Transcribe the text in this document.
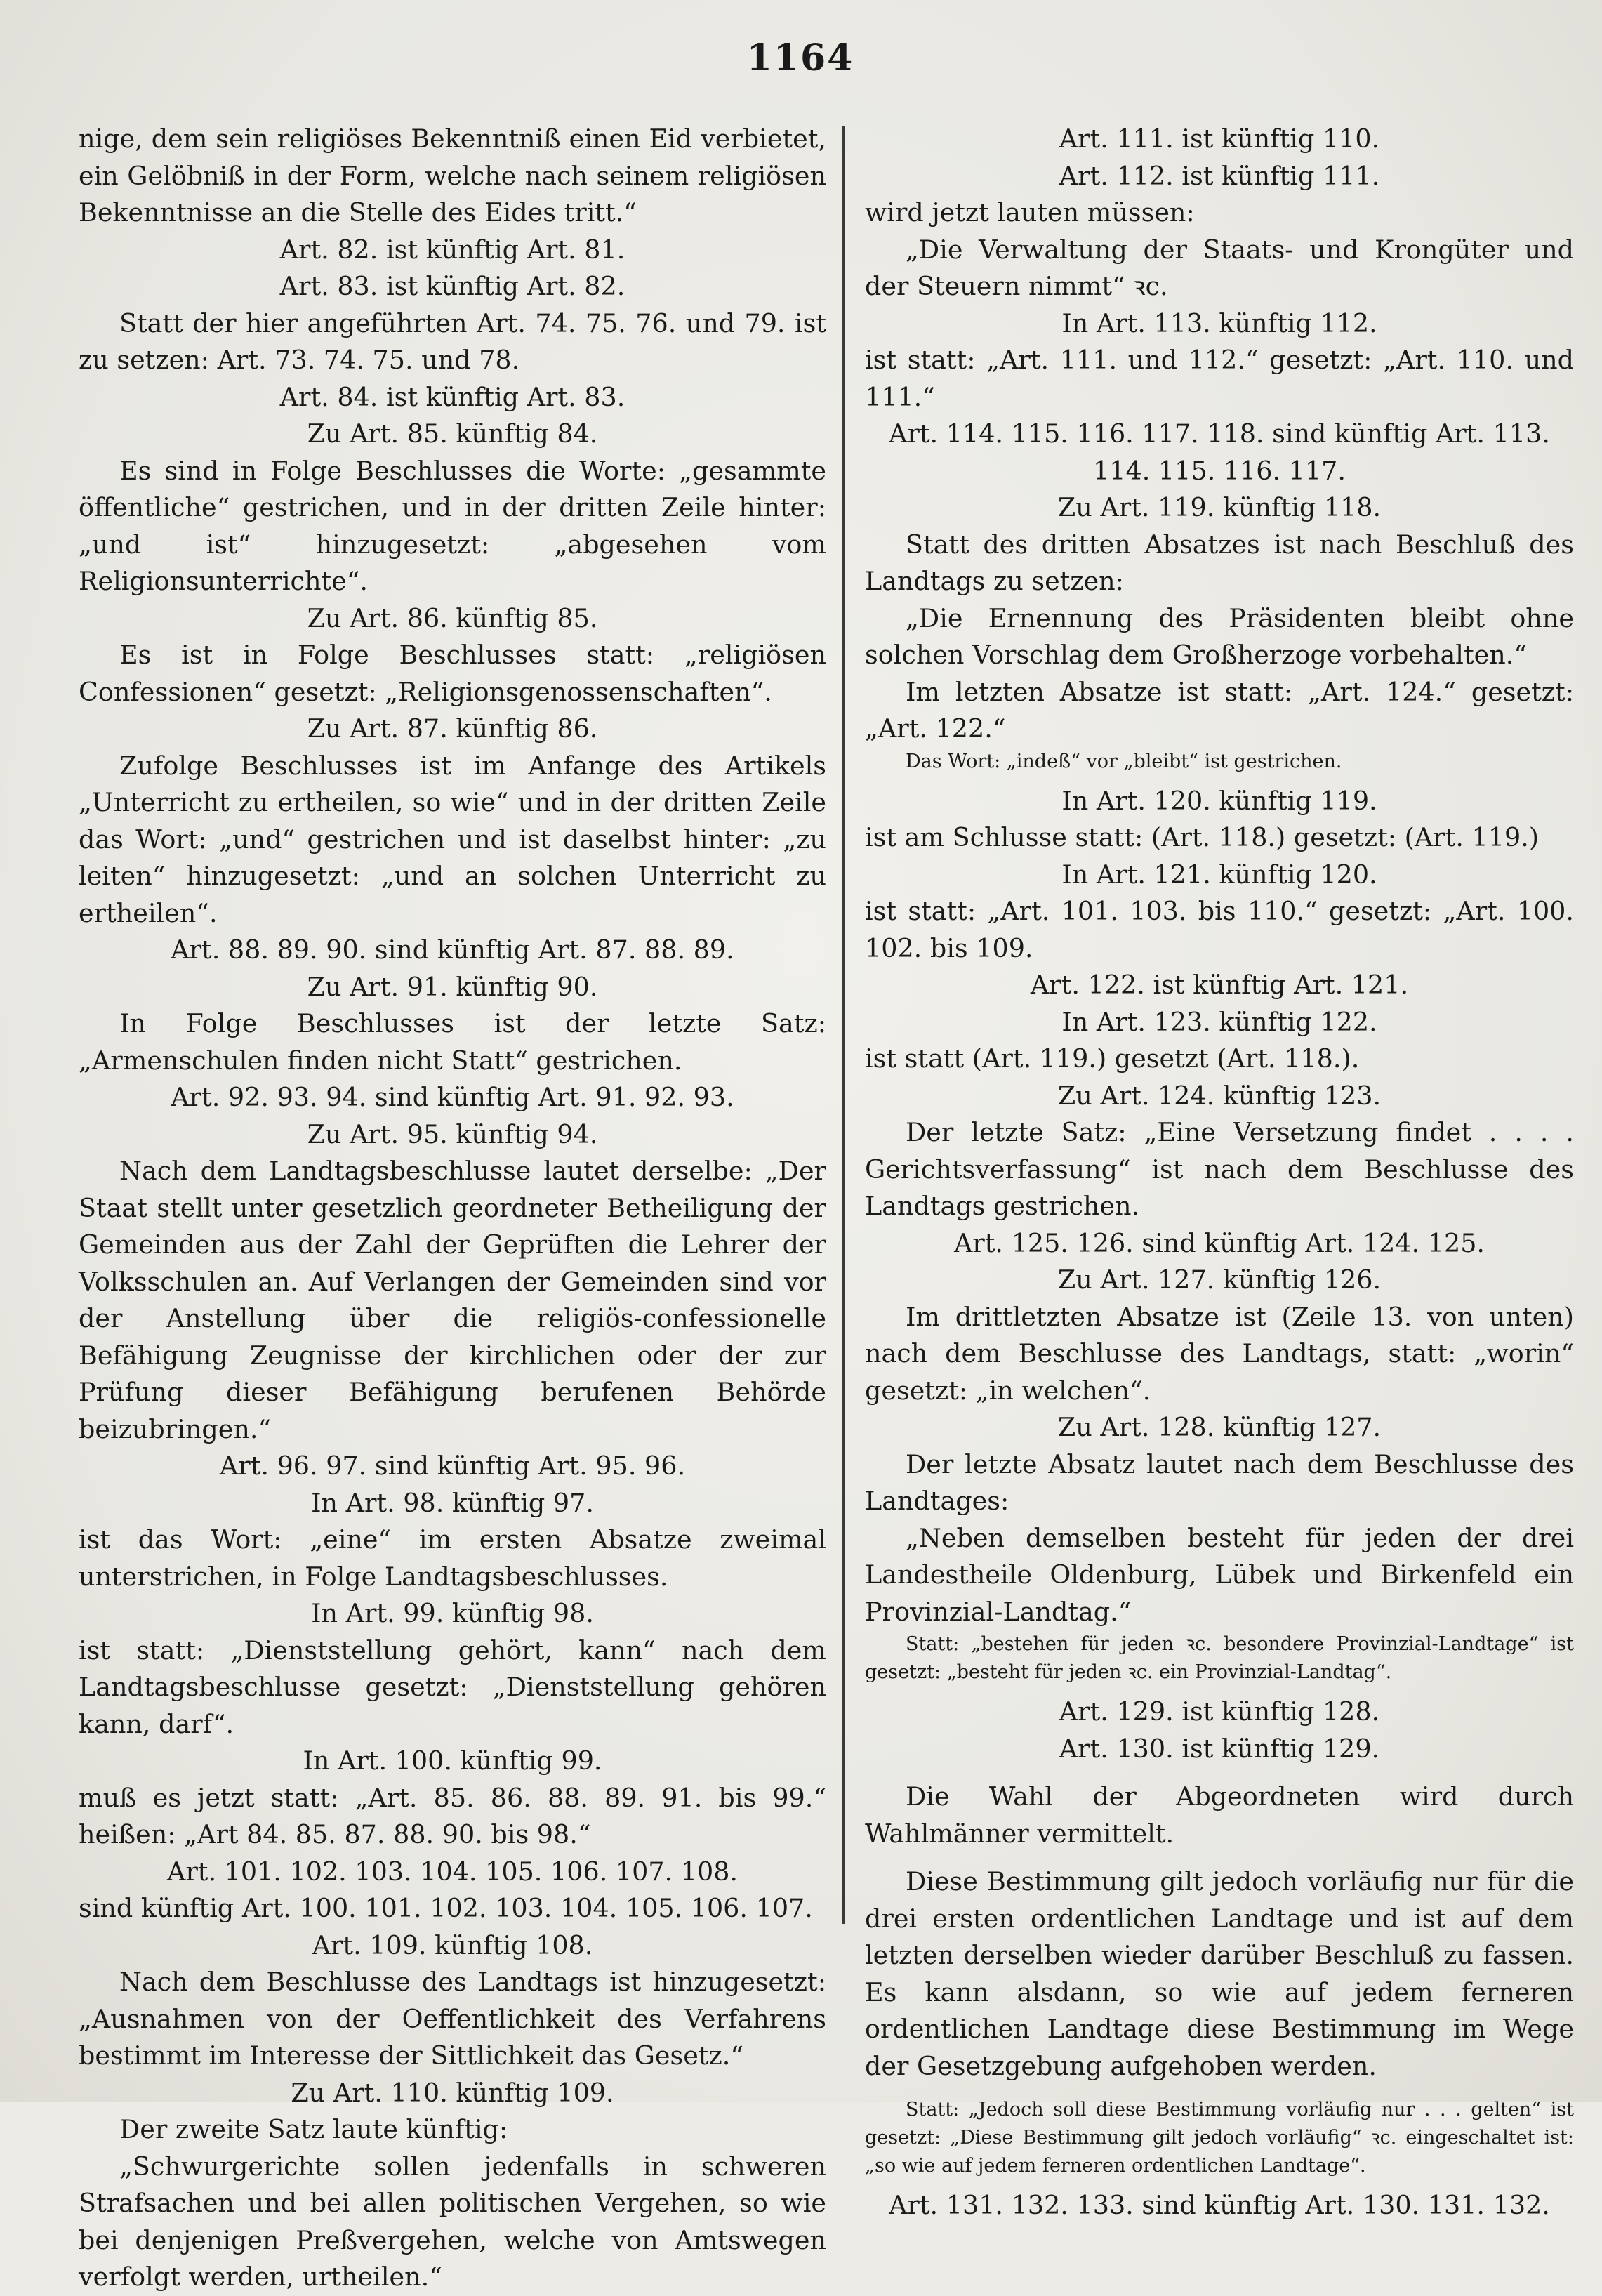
1164

nige, dem sein religiöses Bekenntniß einen Eid verbietet, ein Gelöbniß in der Form, welche nach seinem religiösen Bekenntnisse an die Stelle des Eides tritt.“

Art. 82. ist künftig Art. 81.

Art. 83. ist künftig Art. 82.

Statt der hier angeführten Art. 74. 75. 76. und 79. ist zu setzen: Art. 73. 74. 75. und 78.

Art. 84. ist künftig Art. 83.

Zu Art. 85. künftig 84.

Es sind in Folge Beschlusses die Worte: „gesammte öffentliche“ gestrichen, und in der dritten Zeile hinter: „und ist“ hinzugesetzt: „abgesehen vom Religionsunterrichte“.

Zu Art. 86. künftig 85.

Es ist in Folge Beschlusses statt: „religiösen Confessionen“ gesetzt: „Religionsgenossenschaften“.

Zu Art. 87. künftig 86.

Zufolge Beschlusses ist im Anfange des Artikels „Unterricht zu ertheilen, so wie“ und in der dritten Zeile das Wort: „und“ gestrichen und ist daselbst hinter: „zu leiten“ hinzugesetzt: „und an solchen Unterricht zu ertheilen“.

Art. 88. 89. 90. sind künftig Art. 87. 88. 89.

Zu Art. 91. künftig 90.

In Folge Beschlusses ist der letzte Satz: „Armenschulen finden nicht Statt“ gestrichen.

Art. 92. 93. 94. sind künftig Art. 91. 92. 93.

Zu Art. 95. künftig 94.

Nach dem Landtagsbeschlusse lautet derselbe: „Der Staat stellt unter gesetzlich geordneter Betheiligung der Gemeinden aus der Zahl der Geprüften die Lehrer der Volksschulen an. Auf Verlangen der Gemeinden sind vor der Anstellung über die religiös-confessionelle Befähigung Zeugnisse der kirchlichen oder der zur Prüfung dieser Befähigung berufenen Behörde beizubringen.“

Art. 96. 97. sind künftig Art. 95. 96.

In Art. 98. künftig 97.

ist das Wort: „eine“ im ersten Absatze zweimal unterstrichen, in Folge Landtagsbeschlusses.

In Art. 99. künftig 98.

ist statt: „Dienststellung gehört, kann“ nach dem Landtagsbeschlusse gesetzt: „Dienststellung gehören kann, darf“.

In Art. 100. künftig 99.

muß es jetzt statt: „Art. 85. 86. 88. 89. 91. bis 99.“ heißen: „Art 84. 85. 87. 88. 90. bis 98.“

Art. 101. 102. 103. 104. 105. 106. 107. 108.

sind künftig Art. 100. 101. 102. 103. 104. 105. 106. 107.

Art. 109. künftig 108.

Nach dem Beschlusse des Landtags ist hinzugesetzt: „Ausnahmen von der Oeffentlichkeit des Verfahrens bestimmt im Interesse der Sittlichkeit das Gesetz.“

Zu Art. 110. künftig 109.

Der zweite Satz laute künftig:

„Schwurgerichte sollen jedenfalls in schweren Strafsachen und bei allen politischen Vergehen, so wie bei denjenigen Preßvergehen, welche von Amtswegen verfolgt werden, urtheilen.“

Art. 111. ist künftig 110.

Art. 112. ist künftig 111.

wird jetzt lauten müssen:

„Die Verwaltung der Staats- und Krongüter und der Steuern nimmt“ ꝛc.

In Art. 113. künftig 112.

ist statt: „Art. 111. und 112.“ gesetzt: „Art. 110. und 111.“

Art. 114. 115. 116. 117. 118. sind künftig Art. 113. 114. 115. 116. 117.

Zu Art. 119. künftig 118.

Statt des dritten Absatzes ist nach Beschluß des Landtags zu setzen:

„Die Ernennung des Präsidenten bleibt ohne solchen Vorschlag dem Großherzoge vorbehalten.“

Im letzten Absatze ist statt: „Art. 124.“ gesetzt: „Art. 122.“

Das Wort: „indeß“ vor „bleibt“ ist gestrichen.

In Art. 120. künftig 119.

ist am Schlusse statt: (Art. 118.) gesetzt: (Art. 119.)

In Art. 121. künftig 120.

ist statt: „Art. 101. 103. bis 110.“ gesetzt: „Art. 100. 102. bis 109.

Art. 122. ist künftig Art. 121.

In Art. 123. künftig 122.

ist statt (Art. 119.) gesetzt (Art. 118.).

Zu Art. 124. künftig 123.

Der letzte Satz: „Eine Versetzung findet . . . . Gerichtsverfassung“ ist nach dem Beschlusse des Landtags gestrichen.

Art. 125. 126. sind künftig Art. 124. 125.

Zu Art. 127. künftig 126.

Im drittletzten Absatze ist (Zeile 13. von unten) nach dem Beschlusse des Landtags, statt: „worin“ gesetzt: „in welchen“.

Zu Art. 128. künftig 127.

Der letzte Absatz lautet nach dem Beschlusse des Landtages:

„Neben demselben besteht für jeden der drei Landestheile Oldenburg, Lübek und Birkenfeld ein Provinzial-Landtag.“

Statt: „bestehen für jeden ꝛc. besondere Provinzial-Landtage“ ist gesetzt: „besteht für jeden ꝛc. ein Provinzial-Landtag“.

Art. 129. ist künftig 128.

Art. 130. ist künftig 129.

Die Wahl der Abgeordneten wird durch Wahlmänner vermittelt.

Diese Bestimmung gilt jedoch vorläufig nur für die drei ersten ordentlichen Landtage und ist auf dem letzten derselben wieder darüber Beschluß zu fassen. Es kann alsdann, so wie auf jedem ferneren ordentlichen Landtage diese Bestimmung im Wege der Gesetzgebung aufgehoben werden.

Statt: „Jedoch soll diese Bestimmung vorläufig nur . . . gelten“ ist gesetzt: „Diese Bestimmung gilt jedoch vorläufig“ ꝛc. eingeschaltet ist: „so wie auf jedem ferneren ordentlichen Landtage“.

Art. 131. 132. 133. sind künftig Art. 130. 131. 132.
